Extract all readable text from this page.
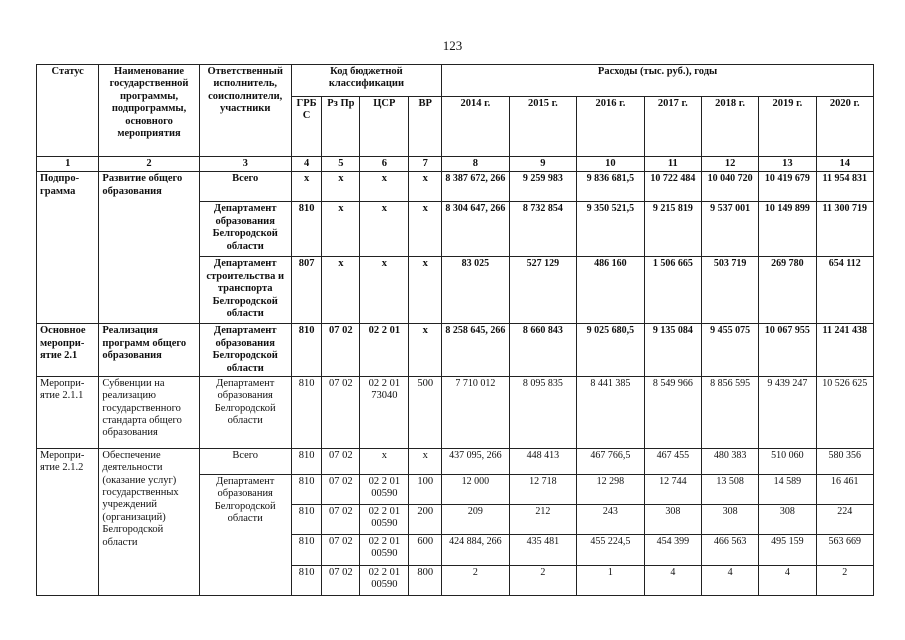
123
Статус	Наименование государственной программы, подпрограммы, основного мероприятия	Ответственный исполнитель, соисполнители, участники	Код бюджетной классификации				Расходы (тыс. руб.), годы						
			ГРБ С	Рз Пр	ЦСР	ВР	2014 г.	2015 г.	2016 г.	2017 г.	2018 г.	2019 г.	2020 г.
1	2	3	4	5	6	7	8	9	10	11	12	13	14
Подпро-грамма	Развитие общего образования	Всего	х	х	х	х	8 387 672, 266	9 259 983	9 836 681,5	10 722 484	10 040 720	10 419 679	11 954 831
		Департамент образования Белгородской области	810	х	х	х	8 304 647, 266	8 732 854	9 350 521,5	9 215 819	9 537 001	10 149 899	11 300 719
		Департамент строительства и транспорта Белгородской области	807	х	х	х	83 025	527 129	486 160	1 506 665	503 719	269 780	654 112
Основное меропри-ятие 2.1	Реализация программ общего образования	Департамент образования Белгородской области	810	07 02	02 2 01	х	8 258 645, 266	8 660 843	9 025 680,5	9 135 084	9 455 075	10 067 955	11 241 438
Меропри-ятие 2.1.1	Субвенции на реализацию государственного стандарта общего образования	Департамент образования Белгородской области	810	07 02	02 2 01 73040	500	7 710 012	8 095 835	8 441 385	8 549 966	8 856 595	9 439 247	10 526 625
Меропри-ятие 2.1.2	Обеспечение деятельности (оказание услуг) государственных учреждений (организаций) Белгородской области	Всего	810	07 02	х	х	437 095, 266	448 413	467 766,5	467 455	480 383	510 060	580 356
		Департамент образования Белгородской области	810	07 02	02 2 01 00590	100	12 000	12 718	12 298	12 744	13 508	14 589	16 461
			810	07 02	02 2 01 00590	200	209	212	243	308	308	308	224
			810	07 02	02 2 01 00590	600	424 884, 266	435 481	455 224,5	454 399	466 563	495 159	563 669
			810	07 02	02 2 01 00590	800	2	2	1	4	4	4	2
